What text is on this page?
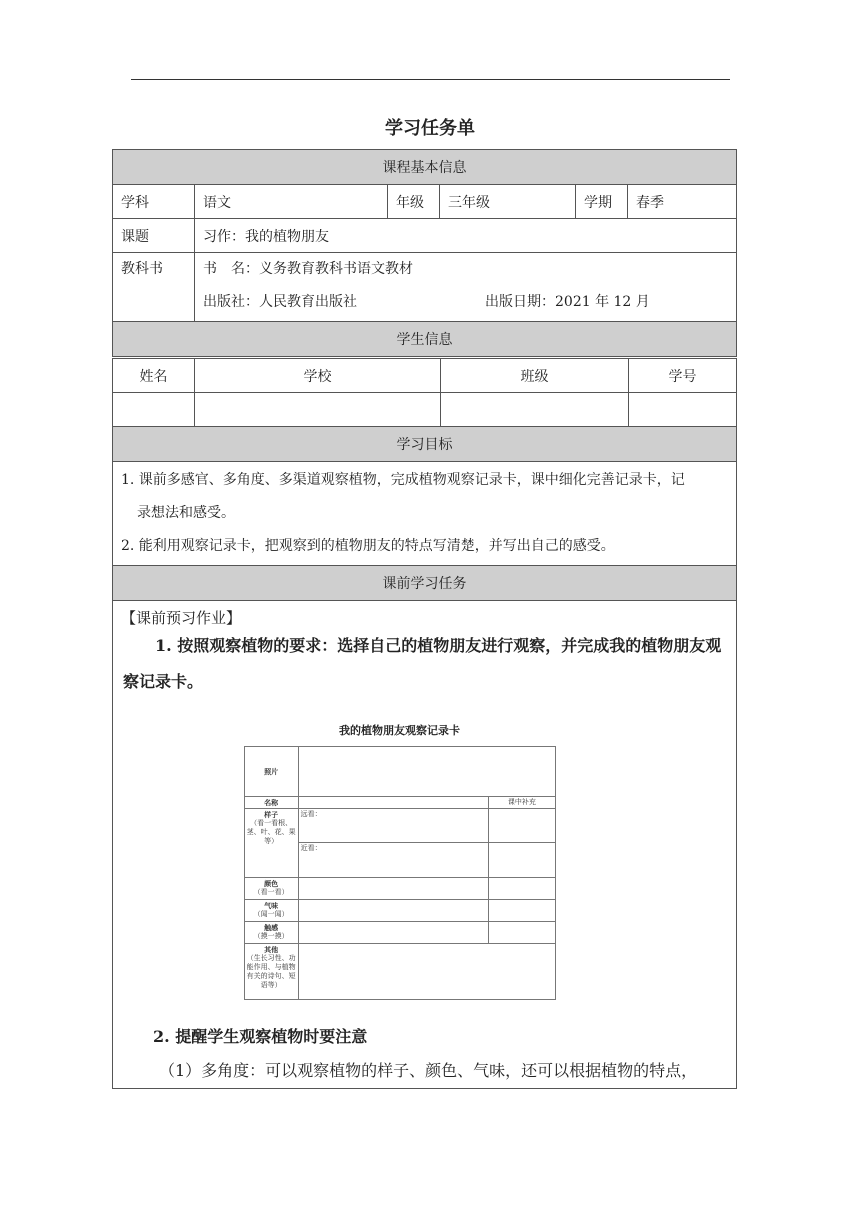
学习任务单
课程基本信息					
学科	语文	年级	三年级	学期	春季
课题	习作：我的植物朋友				

教科书	书　名：义务教育教科书语文教材
出版社：人民教育出版社 出版日期：2021 年 12 月				

学生信息					
姓名	学校	班级	学号

学习目标

1. 课前多感官、多角度、多渠道观察植物，完成植物观察记录卡，课中细化完善记录卡，记

录想法和感受。

2. 能利用观察记录卡，把观察到的植物朋友的特点写清楚，并写出自己的感受。

课前学习任务

【课前预习作业】
1. 按照观察植物的要求：选择自己的植物朋友进行观察，并完成我的植物朋友观察记录卡。
我的植物朋友观察记录卡
照片	
名称		课中补充

样子
（看一看根、茎、叶、花、果等）
	远看：	
近看：	

颜色
（看一看）

气味
（闻一闻）

触感
（摸一摸）

其他
（生长习性、功能作用、与植物有关的诗句、短语等）

2. 提醒学生观察植物时要注意
（1）多角度：可以观察植物的样子、颜色、气味，还可以根据植物的特点，
